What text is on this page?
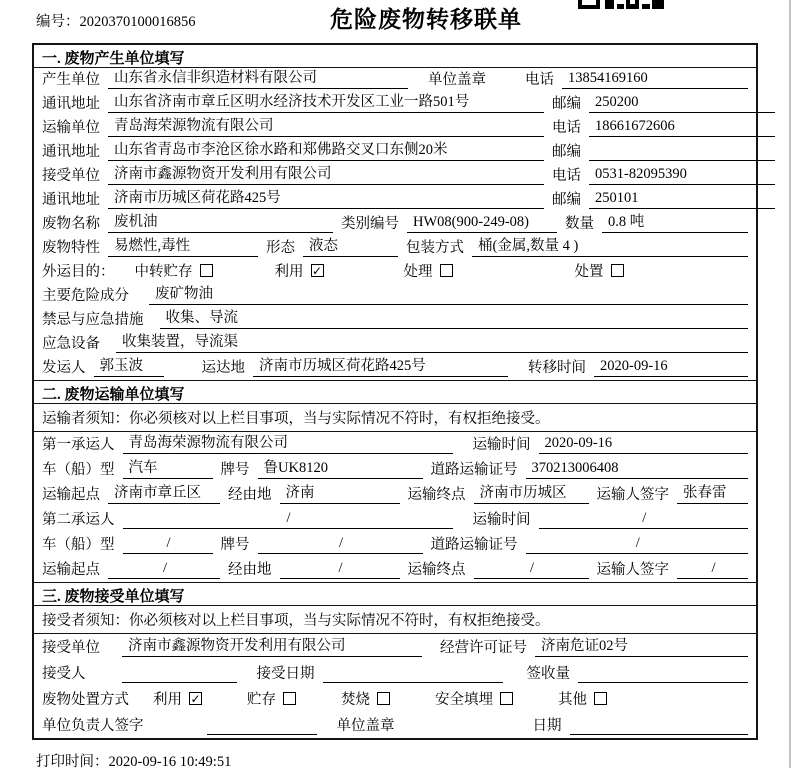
编号：2020370100016856	危险废物转移联单
一. 废物产生单位填写
产生单位 山东省永信非织造材料有限公司	单位盖章	电话 13854169160
通讯地址 山东省济南市章丘区明水经济技术开发区工业一路501号	邮编 250200
运输单位 青岛海荣源物流有限公司	电话 18661672606
通讯地址 山东省青岛市李沧区徐水路和郑佛路交叉口东侧20米	邮编
接受单位 济南市鑫源物资开发利用有限公司	电话 0531-82095390
通讯地址 济南市历城区荷花路425号	邮编 250101
废物名称 废机油	类别编号 HW08(900-249-08)	数量 0.8 吨
废物特性 易燃性,毒性	形态 液态	包装方式 桶(金属,数量 4 )
外运目的： 中转贮存	利用 ✓	处理	处置
主要危险成分	废矿物油
禁忌与应急措施	收集、导流
应急设备	收集装置，导流渠
发运人 郭玉波	运达地 济南市历城区荷花路425号	转移时间 2020-09-16
二. 废物运输单位填写
运输者须知：你必须核对以上栏目事项，当与实际情况不符时，有权拒绝接受。
第一承运人 青岛海荣源物流有限公司	运输时间 2020-09-16
车（船）型 汽车	牌号 鲁UK8120	道路运输证号 370213006408
运输起点 济南市章丘区	经由地 济南	运输终点 济南市历城区	运输人签字 张春雷
第二承运人	/	运输时间	/
车（船）型	/	牌号	/	道路运输证号	/
运输起点	/	经由地	/	运输终点	/	运输人签字	/
三. 废物接受单位填写
接受者须知：你必须核对以上栏目事项，当与实际情况不符时，有权拒绝接受。
接受单位	济南市鑫源物资开发利用有限公司	经营许可证号 济南危证02号
接受人	接受日期	签收量
废物处置方式 利用 ✓	贮存	焚烧	安全填埋	其他
单位负责人签字	单位盖章	日期
打印时间：2020-09-16 10:49:51
